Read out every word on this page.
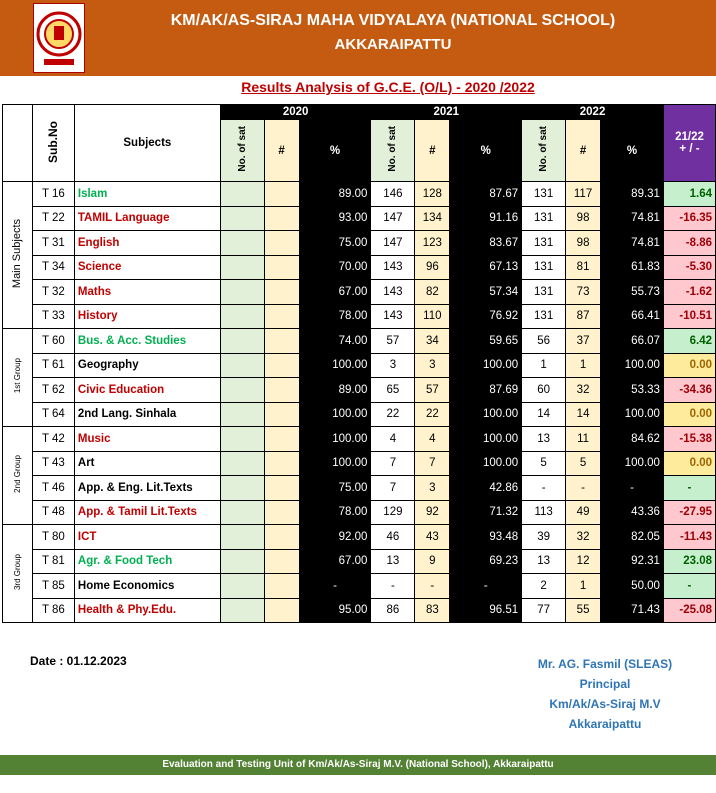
KM/AK/AS-SIRAJ MAHA VIDYALAYA (NATIONAL SCHOOL)
AKKARAIPATTU
Results Analysis of G.C.E. (O/L) - 2020 /2022
	Sub.No	Subjects	2020			2021			2022			21/22
+ / -

			No. of sat	#	%	No. of sat	#	%	No. of sat	#	%	
Main Subjects	T 16	Islam			89.00	146	128	87.67	131	117	89.31	1.64
	T 22	TAMIL Language			93.00	147	134	91.16	131	98	74.81	-16.35
	T 31	English			75.00	147	123	83.67	131	98	74.81	-8.86
	T 34	Science			70.00	143	96	67.13	131	81	61.83	-5.30
	T 32	Maths			67.00	143	82	57.34	131	73	55.73	-1.62
	T 33	History			78.00	143	110	76.92	131	87	66.41	-10.51
1st Group	T 60	Bus. & Acc. Studies			74.00	57	34	59.65	56	37	66.07	6.42
	T 61	Geography			100.00	3	3	100.00	1	1	100.00	0.00
	T 62	Civic Education			89.00	65	57	87.69	60	32	53.33	-34.36
	T 64	2nd Lang. Sinhala			100.00	22	22	100.00	14	14	100.00	0.00
2nd Group	T 42	Music			100.00	4	4	100.00	13	11	84.62	-15.38
	T 43	Art			100.00	7	7	100.00	5	5	100.00	0.00
	T 46	App. & Eng. Lit.Texts			75.00	7	3	42.86	-	-	-	-
	T 48	App. & Tamil Lit.Texts			78.00	129	92	71.32	113	49	43.36	-27.95
3rd Group	T 80	ICT			92.00	46	43	93.48	39	32	82.05	-11.43
	T 81	Agr. & Food Tech			67.00	13	9	69.23	13	12	92.31	23.08
	T 85	Home Economics			-	-	-	-	2	1	50.00	-
	T 86	Health & Phy.Edu.			95.00	86	83	96.51	77	55	71.43	-25.08
Date : 01.12.2023	Mr. AG. Fasmil (SLEAS)
Principal
Km/Ak/As-Siraj M.V
Akkaraipattu
Evaluation and Testing Unit of Km/Ak/As-Siraj M.V. (National School), Akkaraipattu
